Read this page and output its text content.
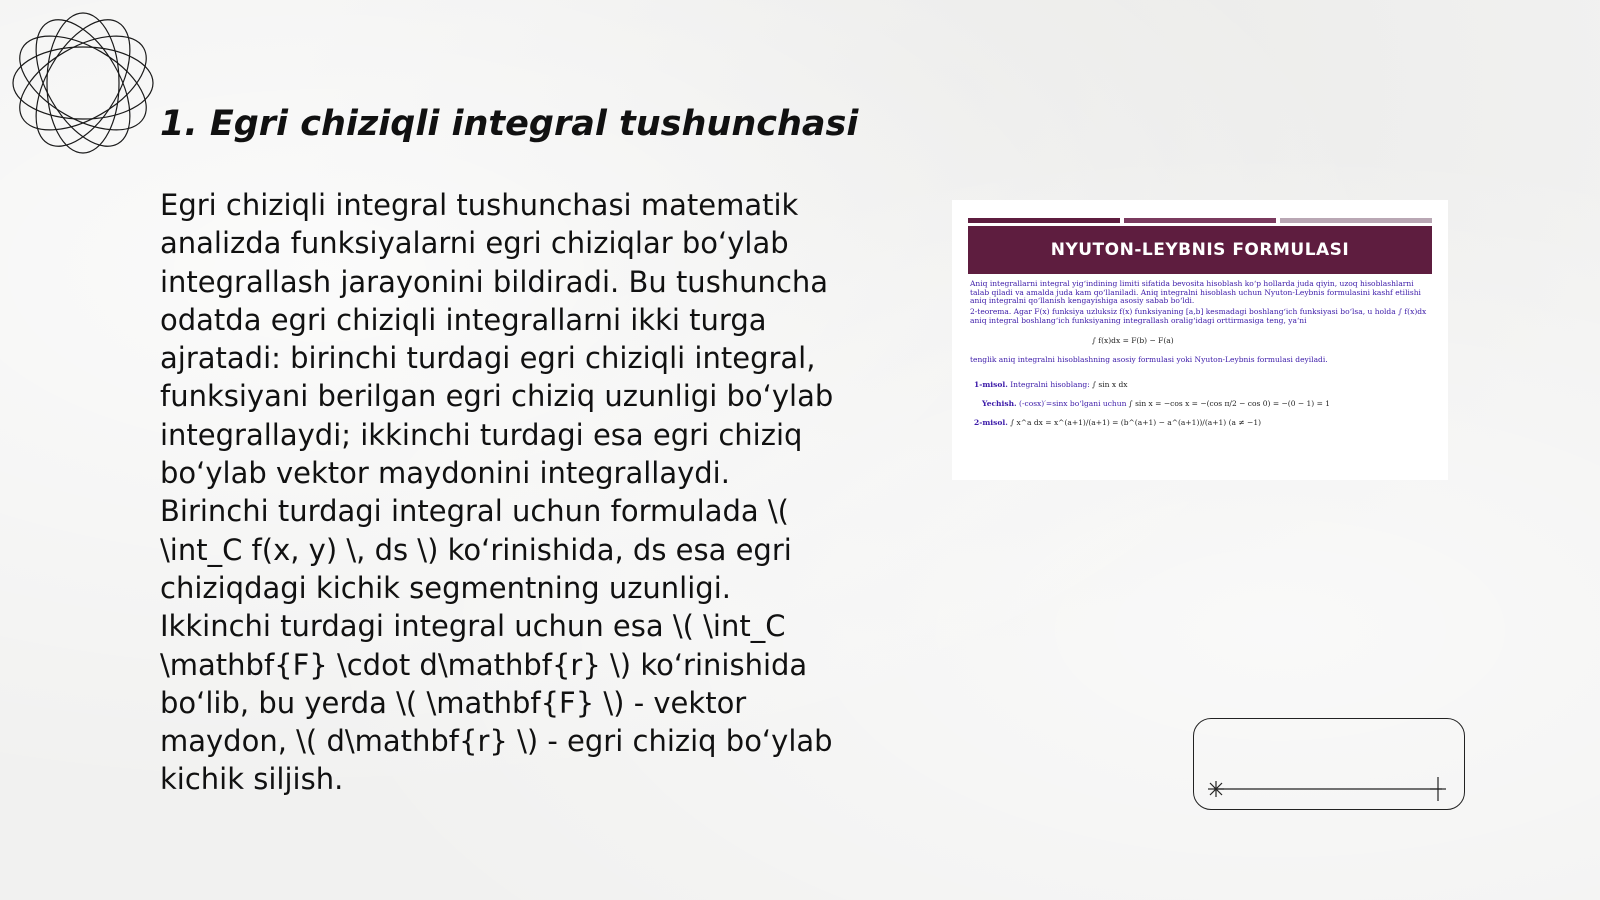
1. Egri chiziqli integral tushunchasi

Egri chiziqli integral tushunchasi matematik analizda funksiyalarni egri chiziqlar bo‘ylab integrallash jarayonini bildiradi. Bu tushuncha odatda egri chiziqli integrallarni ikki turga ajratadi: birinchi turdagi egri chiziqli integral, funksiyani berilgan egri chiziq uzunligi bo‘ylab integrallaydi; ikkinchi turdagi esa egri chiziq bo‘ylab vektor maydonini integrallaydi. Birinchi turdagi integral uchun formulada \( \int_C f(x, y) \, ds \) ko‘rinishida, ds esa egri chiziqdagi kichik segmentning uzunligi. Ikkinchi turdagi integral uchun esa \( \int_C \mathbf{F} \cdot d\mathbf{r} \) ko‘rinishida bo‘lib, bu yerda \( \mathbf{F} \) - vektor maydon, \( d\mathbf{r} \) - egri chiziq bo‘ylab kichik siljish.

NYUTON-LEYBNIS FORMULASI

Aniq integrallarni integral yig‘indining limiti sifatida bevosita hisoblash ko‘p hollarda juda qiyin, uzoq hisoblashlarni talab qiladi va amalda juda kam qo‘llaniladi. Aniq integralni hisoblash uchun Nyuton-Leybnis formulasini kashf etilishi aniq integralni qo‘llanish kengayishiga asosiy sabab bo‘ldi.

2-teorema. Agar F(x) funksiya uzluksiz f(x) funksiyaning [a,b] kesmadagi boshlang‘ich funksiyasi bo‘lsa, u holda ∫ f(x)dx aniq integral boshlang‘ich funksiyaning integrallash oralig‘idagi orttirmasiga teng, ya‘ni

∫ f(x)dx = F(b) − F(a)

tenglik aniq integralni hisoblashning asosiy formulasi yoki Nyuton-Leybnis formulasi deyiladi.

1-misol. Integralni hisoblang: ∫ sin x dx
Yechish. (-cosx)′=sinx bo‘lgani uchun ∫ sin x = −cos x = −(cos π/2 − cos 0) = −(0 − 1) = 1
2-misol. ∫ x^a dx = x^(a+1)/(a+1) = (b^(a+1) − a^(a+1))/(a+1) (a ≠ −1)
